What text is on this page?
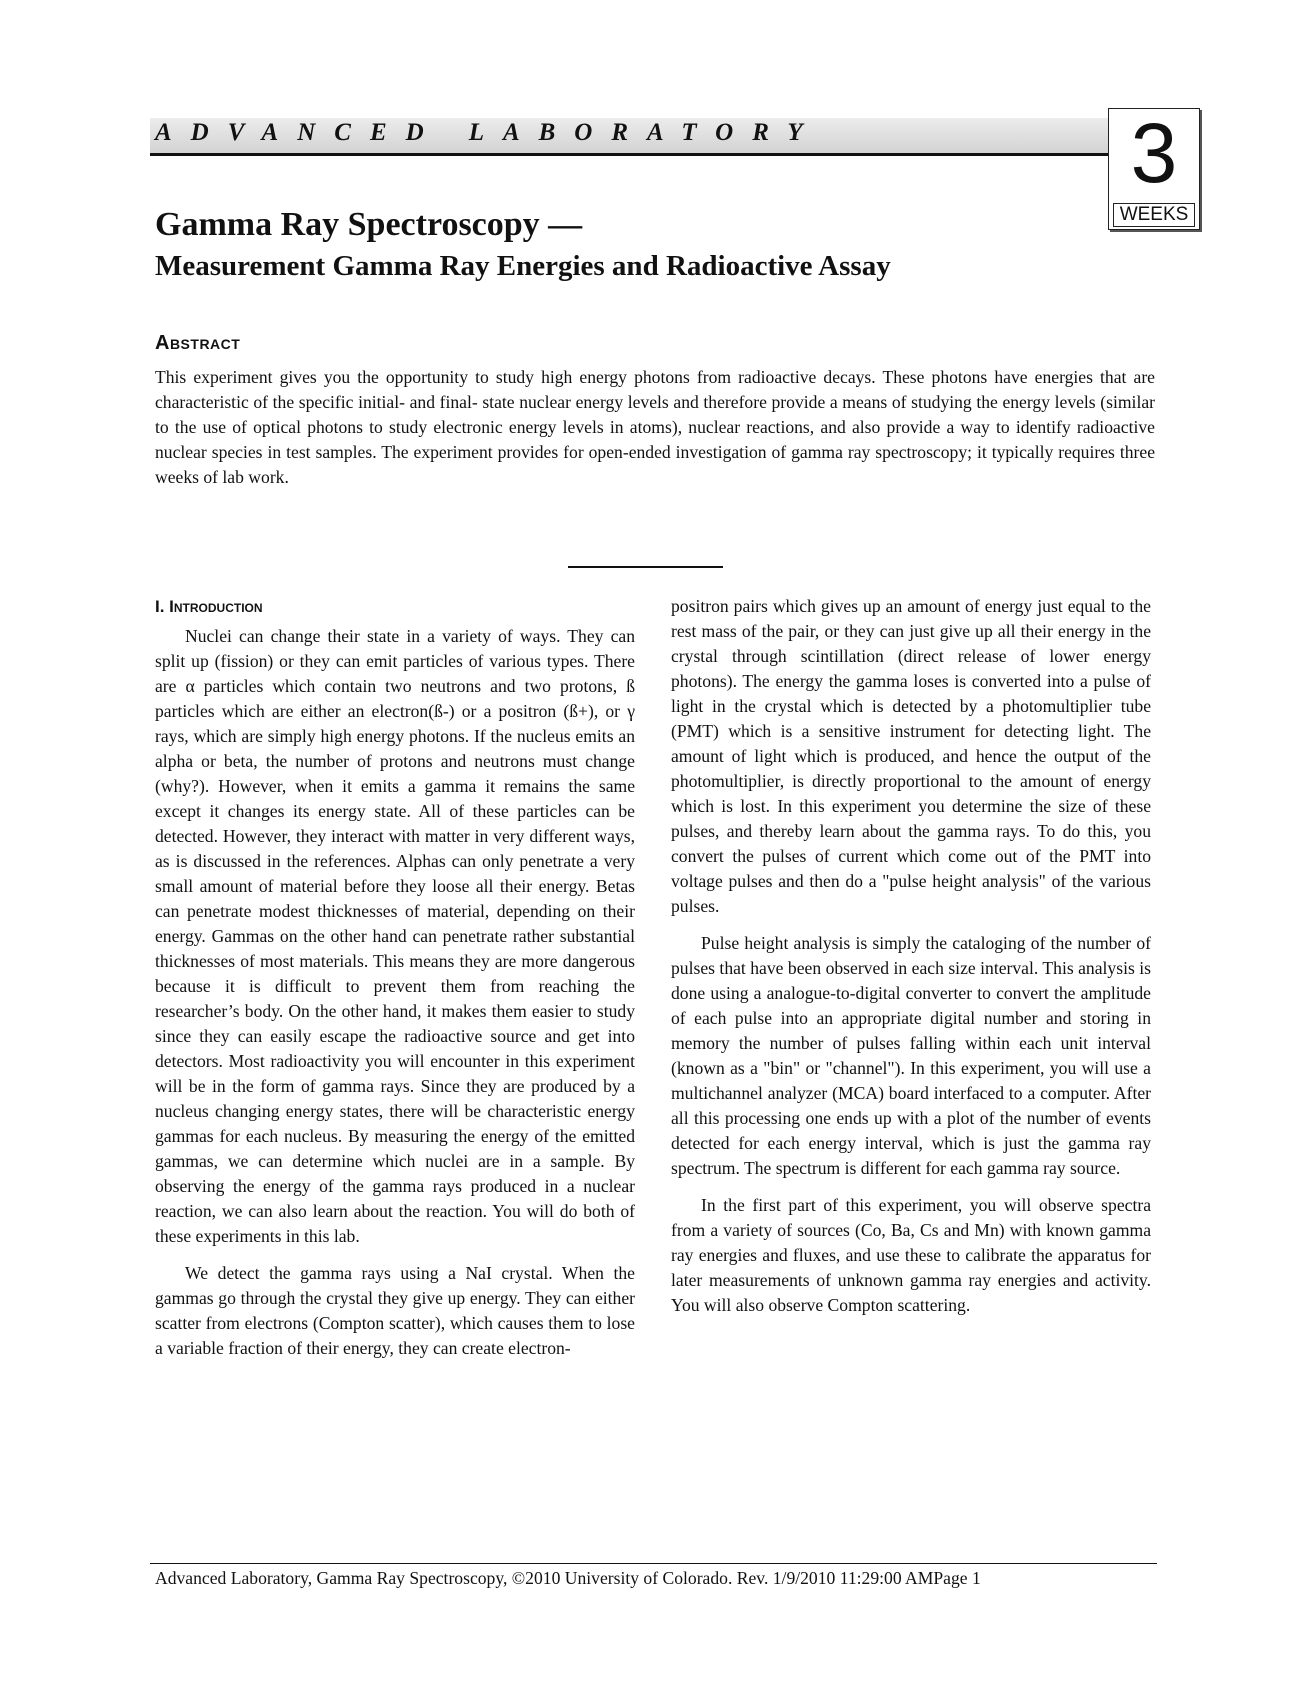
ADVANCED LABORATORY	3
WEEKS
Gamma Ray Spectroscopy —
Measurement Gamma Ray Energies and Radioactive Assay
Abstract

This experiment gives you the opportunity to study high energy photons from radioactive decays. These photons have energies that are characteristic of the specific initial- and final- state nuclear energy levels and therefore provide a means of studying the energy levels (similar to the use of optical photons to study electronic energy levels in atoms), nuclear reactions, and also provide a way to identify radioactive nuclear species in test samples. The experiment provides for open-ended investigation of gamma ray spectroscopy; it typically requires three weeks of lab work.

I. Introduction

Nuclei can change their state in a variety of ways. They can split up (fission) or they can emit particles of various types. There are α particles which contain two neutrons and two protons, ß particles which are either an electron(ß-) or a positron (ß+), or γ rays, which are simply high energy photons. If the nucleus emits an alpha or beta, the number of protons and neutrons must change (why?). However, when it emits a gamma it remains the same except it changes its energy state. All of these particles can be detected. However, they interact with matter in very different ways, as is discussed in the references. Alphas can only penetrate a very small amount of material before they loose all their energy. Betas can penetrate modest thicknesses of material, depending on their energy. Gammas on the other hand can penetrate rather substantial thicknesses of most materials. This means they are more dangerous because it is difficult to prevent them from reaching the researcher’s body. On the other hand, it makes them easier to study since they can easily escape the radioactive source and get into detectors. Most radioactivity you will encounter in this experiment will be in the form of gamma rays. Since they are produced by a nucleus changing energy states, there will be characteristic energy gammas for each nucleus. By measuring the energy of the emitted gammas, we can determine which nuclei are in a sample. By observing the energy of the gamma rays produced in a nuclear reaction, we can also learn about the reaction. You will do both of these experiments in this lab.

We detect the gamma rays using a NaI crystal. When the gammas go through the crystal they give up energy. They can either scatter from electrons (Compton scatter), which causes them to lose a variable fraction of their energy, they can create electron-

positron pairs which gives up an amount of energy just equal to the rest mass of the pair, or they can just give up all their energy in the crystal through scintillation (direct release of lower energy photons). The energy the gamma loses is converted into a pulse of light in the crystal which is detected by a photomultiplier tube (PMT) which is a sensitive instrument for detecting light. The amount of light which is produced, and hence the output of the photomultiplier, is directly proportional to the amount of energy which is lost. In this experiment you determine the size of these pulses, and thereby learn about the gamma rays. To do this, you convert the pulses of current which come out of the PMT into voltage pulses and then do a "pulse height analysis" of the various pulses.

Pulse height analysis is simply the cataloging of the number of pulses that have been observed in each size interval. This analysis is done using a analogue-to-digital converter to convert the amplitude of each pulse into an appropriate digital number and storing in memory the number of pulses falling within each unit interval (known as a "bin" or "channel"). In this experiment, you will use a multichannel analyzer (MCA) board interfaced to a computer. After all this processing one ends up with a plot of the number of events detected for each energy interval, which is just the gamma ray spectrum. The spectrum is different for each gamma ray source.

In the first part of this experiment, you will observe spectra from a variety of sources (Co, Ba, Cs and Mn) with known gamma ray energies and fluxes, and use these to calibrate the apparatus for later measurements of unknown gamma ray energies and activity. You will also observe Compton scattering.

Advanced Laboratory, Gamma Ray Spectroscopy, ©2010 University of Colorado. Rev. 1/9/2010 11:29:00 AMPage 1
